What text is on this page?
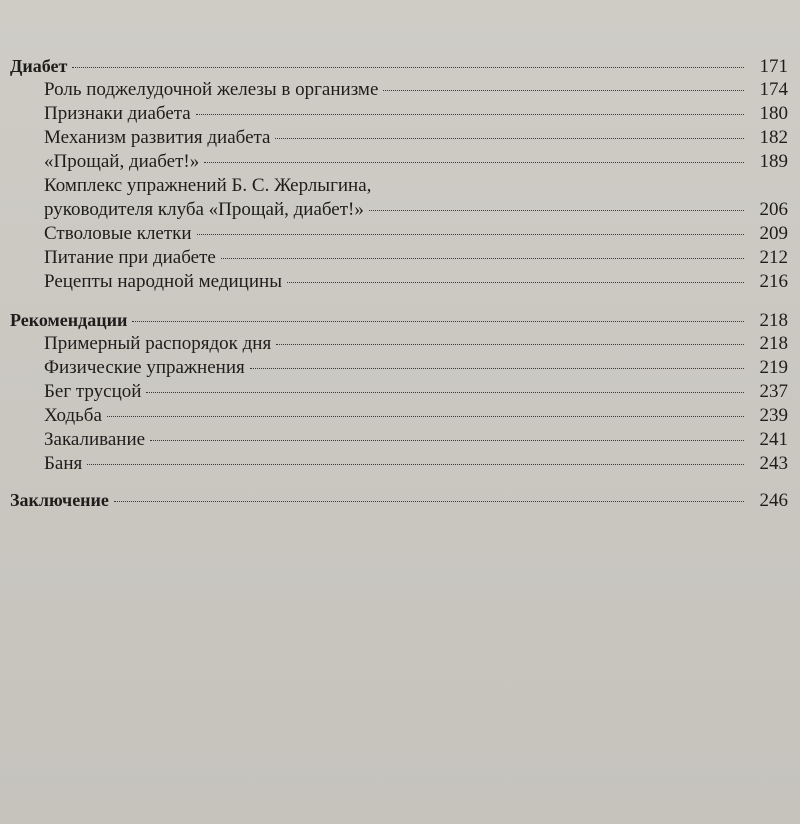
Диабет	171
Роль поджелудочной железы в организме	174
Признаки диабета	180
Механизм развития диабета	182
«Прощай, диабет!»	189
Комплекс упражнений Б. С. Жерлыгина,
руководителя клуба «Прощай, диабет!»	206
Стволовые клетки	209
Питание при диабете	212
Рецепты народной медицины	216
Рекомендации	218
Примерный распорядок дня	218
Физические упражнения	219
Бег трусцой	237
Ходьба	239
Закаливание	241
Баня	243
Заключение	246
